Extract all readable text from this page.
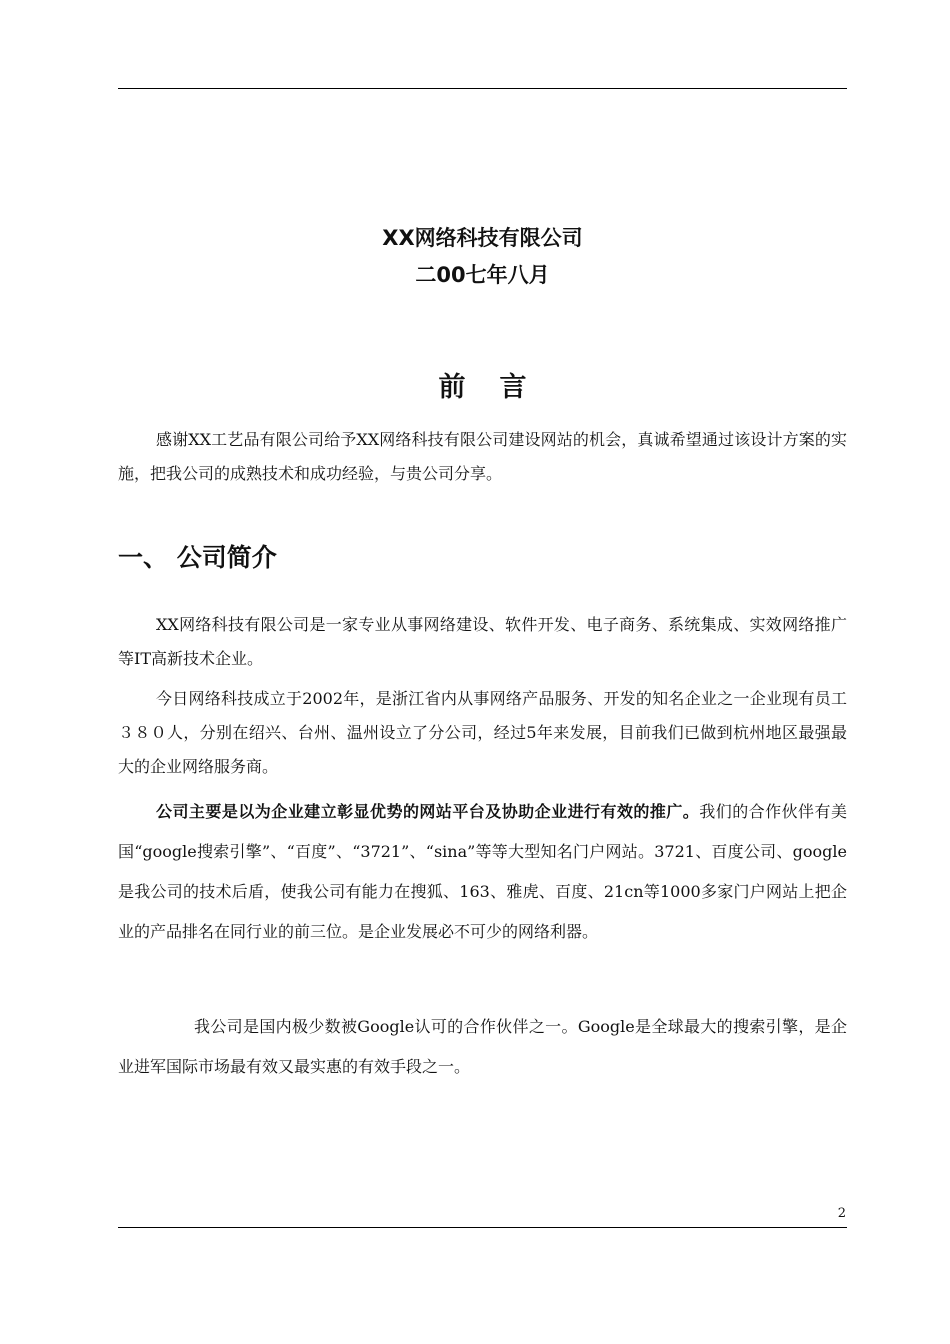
XX网络科技有限公司
二00七年八月
前言

感谢XX工艺品有限公司给予XX网络科技有限公司建设网站的机会，真诚希望通过该设计方案的实施，把我公司的成熟技术和成功经验，与贵公司分享。

一、 公司简介

XX网络科技有限公司是一家专业从事网络建设、软件开发、电子商务、系统集成、实效网络推广等IT高新技术企业。

今日网络科技成立于2002年，是浙江省内从事网络产品服务、开发的知名企业之一企业现有员工３８０人，分别在绍兴、台州、温州设立了分公司，经过5年来发展，目前我们已做到杭州地区最强最大的企业网络服务商。

公司主要是以为企业建立彰显优势的网站平台及协助企业进行有效的推广。我们的合作伙伴有美国“google搜索引擎”、“百度”、“3721”、“sina”等等大型知名门户网站。3721、百度公司、google是我公司的技术后盾，使我公司有能力在搜狐、163、雅虎、百度、21cn等1000多家门户网站上把企业的产品排名在同行业的前三位。是企业发展必不可少的网络利器。

我公司是国内极少数被Google认可的合作伙伴之一。Google是全球最大的搜索引擎，是企业进军国际市场最有效又最实惠的有效手段之一。

2
